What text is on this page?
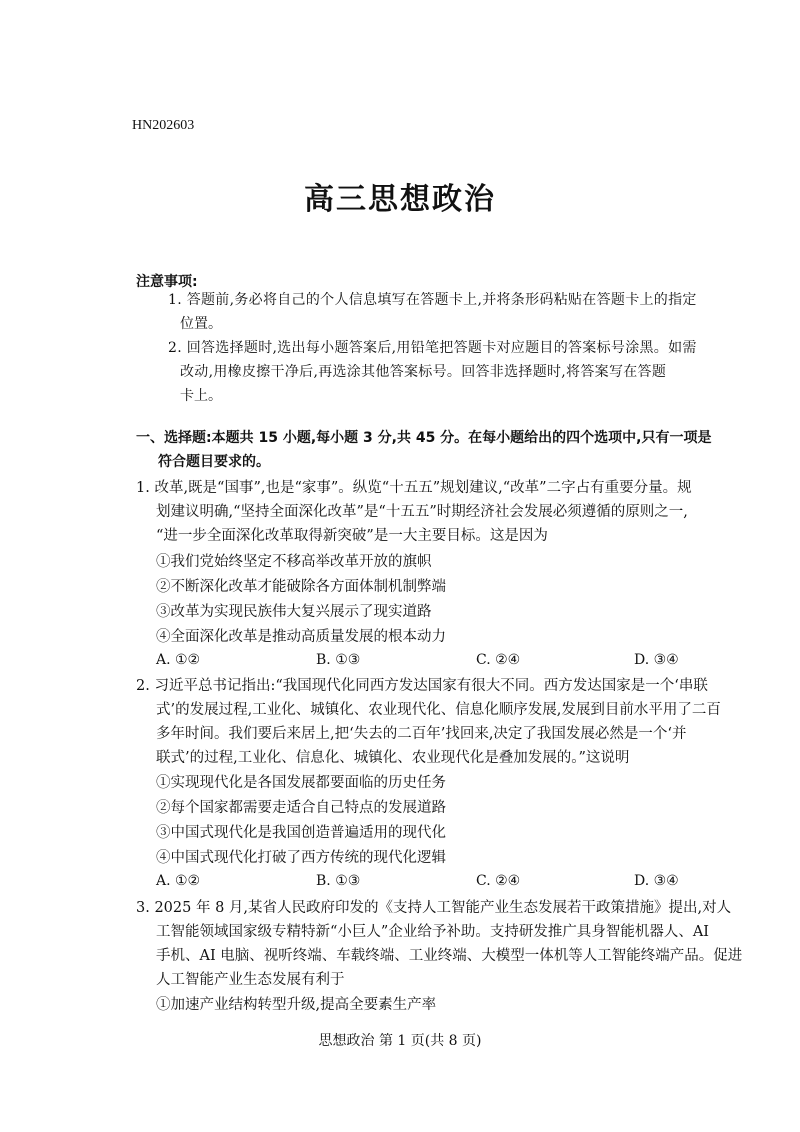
HN202603
高三思想政治
注意事项:
1. 答题前,务必将自己的个人信息填写在答题卡上,并将条形码粘贴在答题卡上的指定
位置。
2. 回答选择题时,选出每小题答案后,用铅笔把答题卡对应题目的答案标号涂黑。如需
改动,用橡皮擦干净后,再选涂其他答案标号。回答非选择题时,将答案写在答题
卡上。
一、选择题:本题共 15 小题,每小题 3 分,共 45 分。在每小题给出的四个选项中,只有一项是
符合题目要求的。
1. 改革,既是“国事”,也是“家事”。纵览“十五五”规划建议,“改革”二字占有重要分量。规
划建议明确,“坚持全面深化改革”是“十五五”时期经济社会发展必须遵循的原则之一,
“进一步全面深化改革取得新突破”是一大主要目标。这是因为
①我们党始终坚定不移高举改革开放的旗帜
②不断深化改革才能破除各方面体制机制弊端
③改革为实现民族伟大复兴展示了现实道路
④全面深化改革是推动高质量发展的根本动力
A. ①②	B. ①③	C. ②④	D. ③④
2. 习近平总书记指出:“我国现代化同西方发达国家有很大不同。西方发达国家是一个‘串联
式’的发展过程,工业化、城镇化、农业现代化、信息化顺序发展,发展到目前水平用了二百
多年时间。我们要后来居上,把‘失去的二百年’找回来,决定了我国发展必然是一个‘并
联式’的过程,工业化、信息化、城镇化、农业现代化是叠加发展的。”这说明
①实现现代化是各国发展都要面临的历史任务
②每个国家都需要走适合自己特点的发展道路
③中国式现代化是我国创造普遍适用的现代化
④中国式现代化打破了西方传统的现代化逻辑
A. ①②	B. ①③	C. ②④	D. ③④
3. 2025 年 8 月,某省人民政府印发的《支持人工智能产业生态发展若干政策措施》提出,对人
工智能领域国家级专精特新“小巨人”企业给予补助。支持研发推广具身智能机器人、AI
手机、AI 电脑、视听终端、车载终端、工业终端、大模型一体机等人工智能终端产品。促进
人工智能产业生态发展有利于
①加速产业结构转型升级,提高全要素生产率
思想政治 第 1 页(共 8 页)
